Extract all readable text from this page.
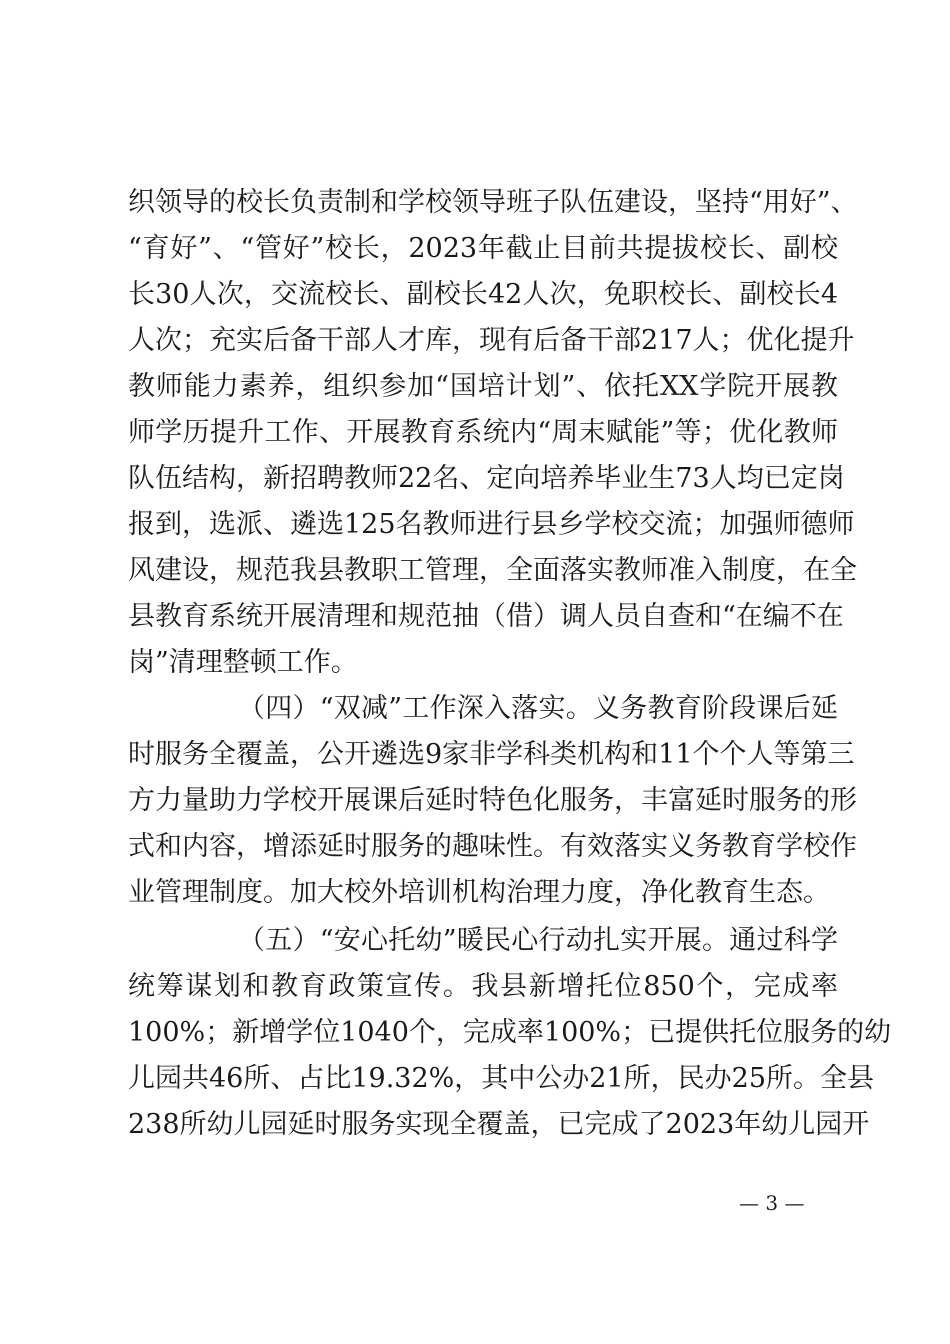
织领导的校长负责制和学校领导班子队伍建设，坚持“用好”、
“育好”、“管好”校长，2023年截止目前共提拔校长、副校
长30人次，交流校长、副校长42人次，免职校长、副校长4
人次；充实后备干部人才库，现有后备干部217人；优化提升
教师能力素养，组织参加“国培计划”、依托XX学院开展教
师学历提升工作、开展教育系统内“周末赋能”等；优化教师
队伍结构，新招聘教师22名、定向培养毕业生73人均已定岗
报到，选派、遴选125名教师进行县乡学校交流；加强师德师
风建设，规范我县教职工管理，全面落实教师准入制度，在全
县教育系统开展清理和规范抽（借）调人员自查和“在编不在
岗”清理整顿工作。
（四）“双减”工作深入落实。义务教育阶段课后延
时服务全覆盖，公开遴选9家非学科类机构和11个个人等第三
方力量助力学校开展课后延时特色化服务，丰富延时服务的形
式和内容，增添延时服务的趣味性。有效落实义务教育学校作
业管理制度。加大校外培训机构治理力度，净化教育生态。
（五）“安心托幼”暖民心行动扎实开展。通过科学
统筹谋划和教育政策宣传。我县新增托位850个，完成率
100%；新增学位1040个，完成率100%；已提供托位服务的幼
儿园共46所、占比19.32%，其中公办21所，民办25所。全县
238所幼儿园延时服务实现全覆盖，已完成了2023年幼儿园开
— 3 —
